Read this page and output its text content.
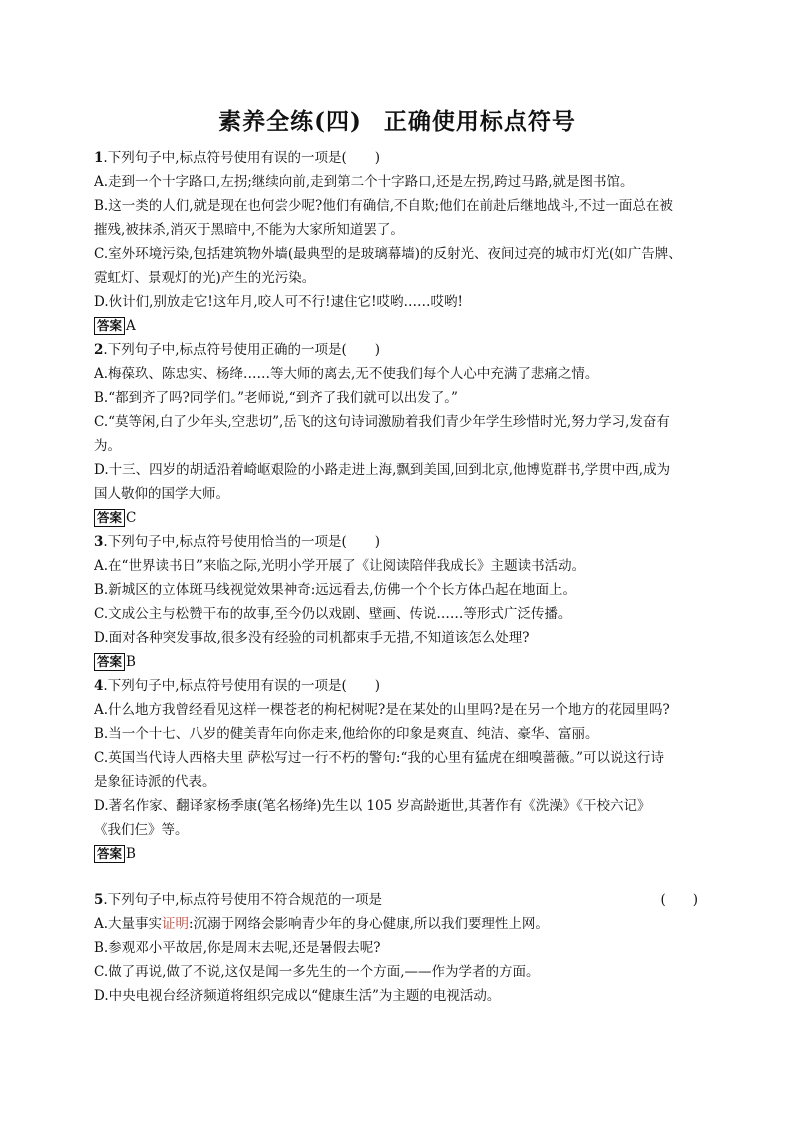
素养全练(四) 正确使用标点符号
1.下列句子中,标点符号使用有误的一项是( )
A.走到一个十字路口,左拐;继续向前,走到第二个十字路口,还是左拐,跨过马路,就是图书馆。
B.这一类的人们,就是现在也何尝少呢?他们有确信,不自欺;他们在前赴后继地战斗,不过一面总在被
摧残,被抹杀,消灭于黑暗中,不能为大家所知道罢了。
C.室外环境污染,包括建筑物外墙(最典型的是玻璃幕墙)的反射光、夜间过亮的城市灯光(如广告牌、
霓虹灯、景观灯的光)产生的光污染。
D.伙计们,别放走它!这年月,咬人可不行!逮住它!哎哟……哎哟!
答案 A
2.下列句子中,标点符号使用正确的一项是( )
A.梅葆玖、陈忠实、杨绛……等大师的离去,无不使我们每个人心中充满了悲痛之情。
B.“都到齐了吗?同学们。”老师说,“到齐了我们就可以出发了。”
C.“莫等闲,白了少年头,空悲切”,岳飞的这句诗词激励着我们青少年学生珍惜时光,努力学习,发奋有
为。
D.十三、四岁的胡适沿着崎岖艰险的小路走进上海,飘到美国,回到北京,他博览群书,学贯中西,成为
国人敬仰的国学大师。
答案 C
3.下列句子中,标点符号使用恰当的一项是( )
A.在“世界读书日”来临之际,光明小学开展了《让阅读陪伴我成长》主题读书活动。
B.新城区的立体斑马线视觉效果神奇:远远看去,仿佛一个个长方体凸起在地面上。
C.文成公主与松赞干布的故事,至今仍以戏剧、壁画、传说……等形式广泛传播。
D.面对各种突发事故,很多没有经验的司机都束手无措,不知道该怎么处理?
答案 B
4.下列句子中,标点符号使用有误的一项是( )
A.什么地方我曾经看见这样一棵苍老的枸杞树呢?是在某处的山里吗?是在另一个地方的花园里吗?
B.当一个十七、八岁的健美青年向你走来,他给你的印象是爽直、纯洁、豪华、富丽。
C.英国当代诗人西格夫里 萨松写过一行不朽的警句:“我的心里有猛虎在细嗅蔷薇。”可以说这行诗
是象征诗派的代表。
D.著名作家、翻译家杨季康(笔名杨绛)先生以 105 岁高龄逝世,其著作有《洗澡》《干校六记》
《我们仨》等。
答案 B
5.下列句子中,标点符号使用不符合规范的一项是	(　　)
A.大量事实证明:沉溺于网络会影响青少年的身心健康,所以我们要理性上网。
B.参观邓小平故居,你是周末去呢,还是暑假去呢?
C.做了再说,做了不说,这仅是闻一多先生的一个方面,——作为学者的方面。
D.中央电视台经济频道将组织完成以“健康生活”为主题的电视活动。
